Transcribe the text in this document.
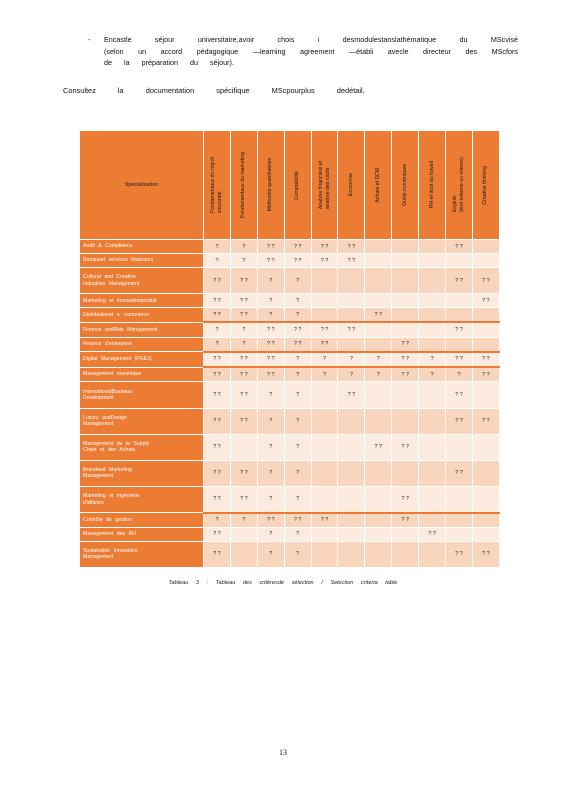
- Encastle séjour universitaire,avoir chois i desmodulestanslathématique du MScvisé
(selon un accord pédagogique —learning agreement —établi avecle directeur des MScfors
de la préparation du séjour).
Consultez la documentation spécifique MScpourplus dedétail.
Spécialisation	Fondamentaux du mgmt
corporate	Fondamentaux du marketing	Méthodes quantitatives	Comptabilité	Analyse financière et
analyse des coûts	Economie	Achats et SCM	Outils numériques	RH et droit du travail	English
(test externe ou interne)	Creative thinking

Audit & Compliance	?	?	? ?	? ?	? ?	? ?				? ?	
Banqueet services financiers	?	?	? ?	? ?	? ?	? ?					
Cultural and Creative
Industries Management	? ?	? ?	?	?						? ?	? ?
Marketing et innovationproduit	? ?	? ?	?	?							? ?
Distributionet e -commerce	? ?	? ?	?	?			? ?				
Finance andRisk Management	?	?	? ?	? ?	? ?	? ?				? ?	
Finance d'entreprise	?	?	? ?	? ?	? ?			? ?			
Digital Management (PGE3)	? ?	? ?	? ?	?	?	?	?	? ?	?	? ?	? ?
Management numérique	? ?	? ?	? ?	?	?	?	?	? ?	?	?	? ?
InternationalBusiness
Development	? ?	? ?	?	?		? ?				? ?	
Luxury andDesign
Management	? ?	? ?	?	?						? ?	? ?
Management de la Supply
Chain et des Achats	? ?		?	?			? ?	? ?			
Brandand Marketing
Management	? ?	? ?	?	?						? ?	
Marketing et ingénierie
d'affaires	? ?	? ?	?	?				? ?			
Contrôle de gestion	?	?	? ?	? ?	? ?			? ?			
Management des RH	? ?		?	?					? ?		
Sustainable Innovation
Management	? ?		?	?						? ?	? ?
Tableau 3 : Tableau des critèresde sélection / Selection criteria table
13
